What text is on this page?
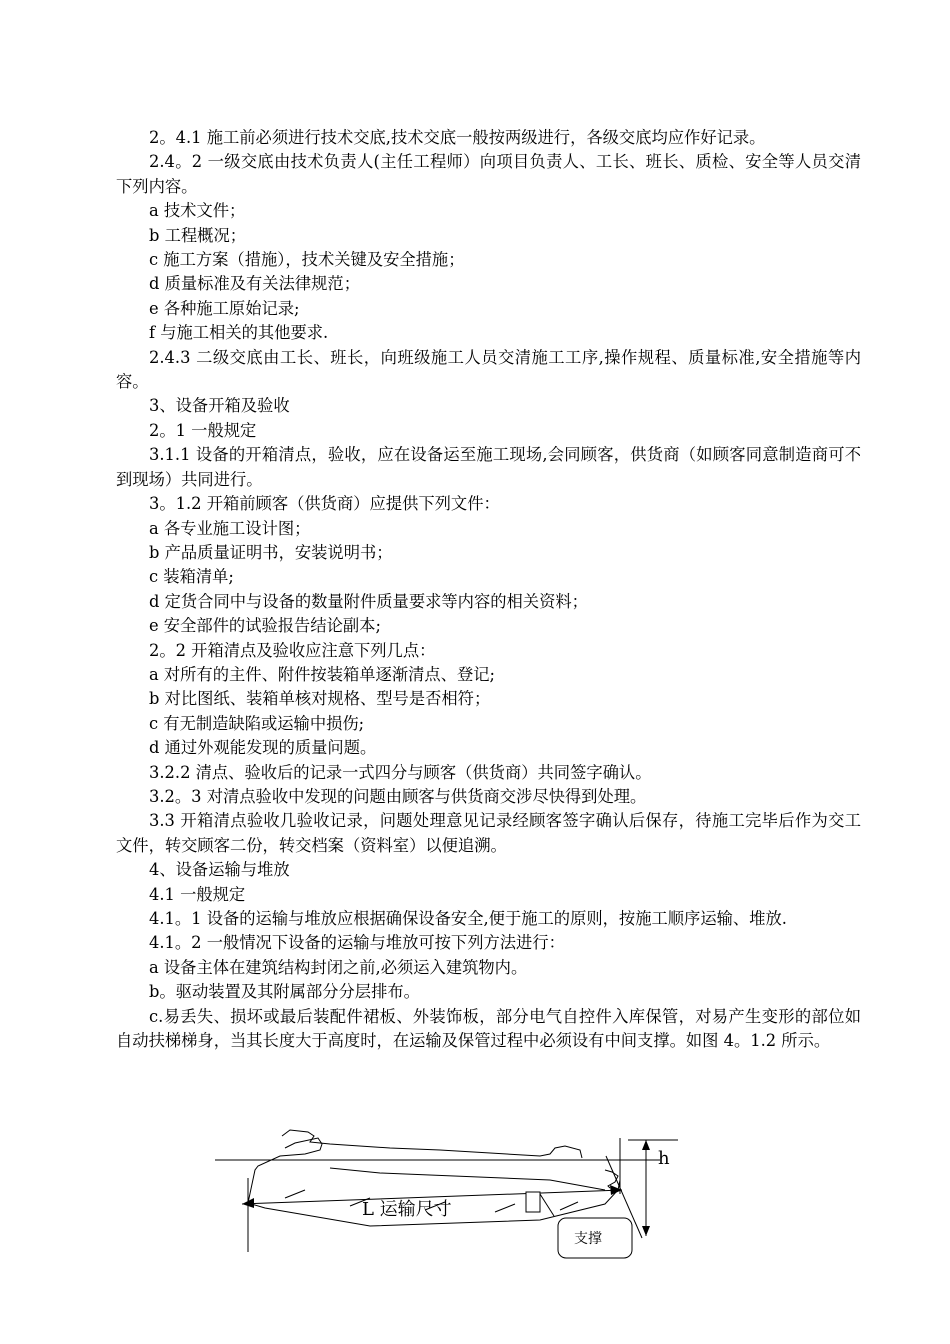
2。4.1 施工前必须进行技术交底,技术交底一般按两级进行，各级交底均应作好记录。

2.4。2 一级交底由技术负责人(主任工程师）向项目负责人、工长、班长、质检、安全等人员交清下列内容。

a 技术文件；

b 工程概况；

c 施工方案（措施），技术关键及安全措施；

d 质量标准及有关法律规范；

e 各种施工原始记录;

f 与施工相关的其他要求.

2.4.3 二级交底由工长、班长，向班级施工人员交清施工工序,操作规程、质量标准,安全措施等内容。

3、设备开箱及验收

2。1 一般规定

3.1.1 设备的开箱清点，验收，应在设备运至施工现场,会同顾客，供货商（如顾客同意制造商可不到现场）共同进行。

3。1.2 开箱前顾客（供货商）应提供下列文件：

a 各专业施工设计图；

b 产品质量证明书，安装说明书；

c 装箱清单;

d 定货合同中与设备的数量附件质量要求等内容的相关资料；

e 安全部件的试验报告结论副本;

2。2 开箱清点及验收应注意下列几点：

a 对所有的主件、附件按装箱单逐渐清点、登记;

b 对比图纸、装箱单核对规格、型号是否相符；

c 有无制造缺陷或运输中损伤;

d 通过外观能发现的质量问题。

3.2.2 清点、验收后的记录一式四分与顾客（供货商）共同签字确认。

3.2。3 对清点验收中发现的问题由顾客与供货商交涉尽快得到处理。

3.3 开箱清点验收几验收记录，问题处理意见记录经顾客签字确认后保存，待施工完毕后作为交工文件，转交顾客二份，转交档案（资料室）以便追溯。

4、设备运输与堆放

4.1 一般规定

4.1。1 设备的运输与堆放应根据确保设备安全,便于施工的原则，按施工顺序运输、堆放.

4.1。2 一般情况下设备的运输与堆放可按下列方法进行：

a 设备主体在建筑结构封闭之前,必须运入建筑物内。

b。驱动装置及其附属部分分层排布。

c.易丢失、损坏或最后装配件裙板、外装饰板，部分电气自控件入库保管，对易产生变形的部位如自动扶梯梯身，当其长度大于高度时，在运输及保管过程中必须设有中间支撑。如图 4。1.2 所示。

h
L 运输尺寸
支撑
